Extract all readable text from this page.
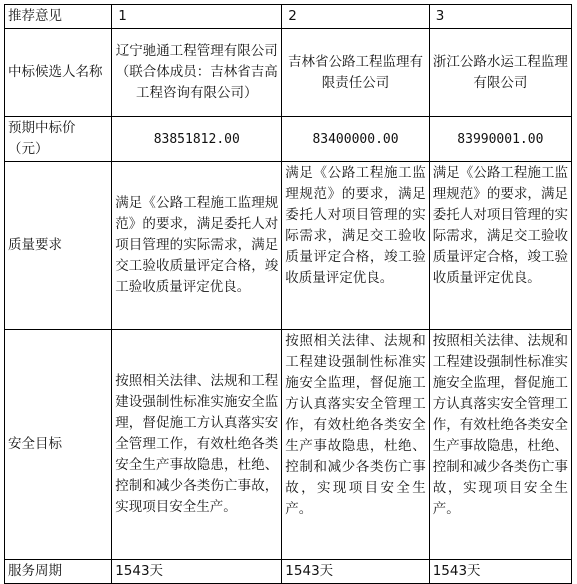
推荐意见	1	2	3
中标候选人名称	辽宁驰通工程管理有限公司（联合体成员：吉林省吉高工程咨询有限公司）	吉林省公路工程监理有限责任公司	浙江公路水运工程监理有限公司
预期中标价（元）	83851812.00	83400000.00	83990001.00
质量要求	满足《公路工程施工监理规范》的要求，满足委托人对项目管理的实际需求，满足交工验收质量评定合格，竣工验收质量评定优良。	满足《公路工程施工监理规范》的要求，满足委托人对项目管理的实际需求，满足交工验收质量评定合格，竣工验收质量评定优良。	满足《公路工程施工监理规范》的要求，满足委托人对项目管理的实际需求，满足交工验收质量评定合格，竣工验收质量评定优良。
安全目标	按照相关法律、法规和工程建设强制性标准实施安全监理，督促施工方认真落实安全管理工作，有效杜绝各类安全生产事故隐患，杜绝、控制和减少各类伤亡事故，实现项目安全生产。	按照相关法律、法规和工程建设强制性标准实施安全监理，督促施工方认真落实安全管理工作，有效杜绝各类安全生产事故隐患，杜绝、控制和减少各类伤亡事故，实现项目安全生产。	按照相关法律、法规和工程建设强制性标准实施安全监理，督促施工方认真落实安全管理工作，有效杜绝各类安全生产事故隐患，杜绝、控制和减少各类伤亡事故，实现项目安全生产。
服务周期	1543天	1543天	1543天
